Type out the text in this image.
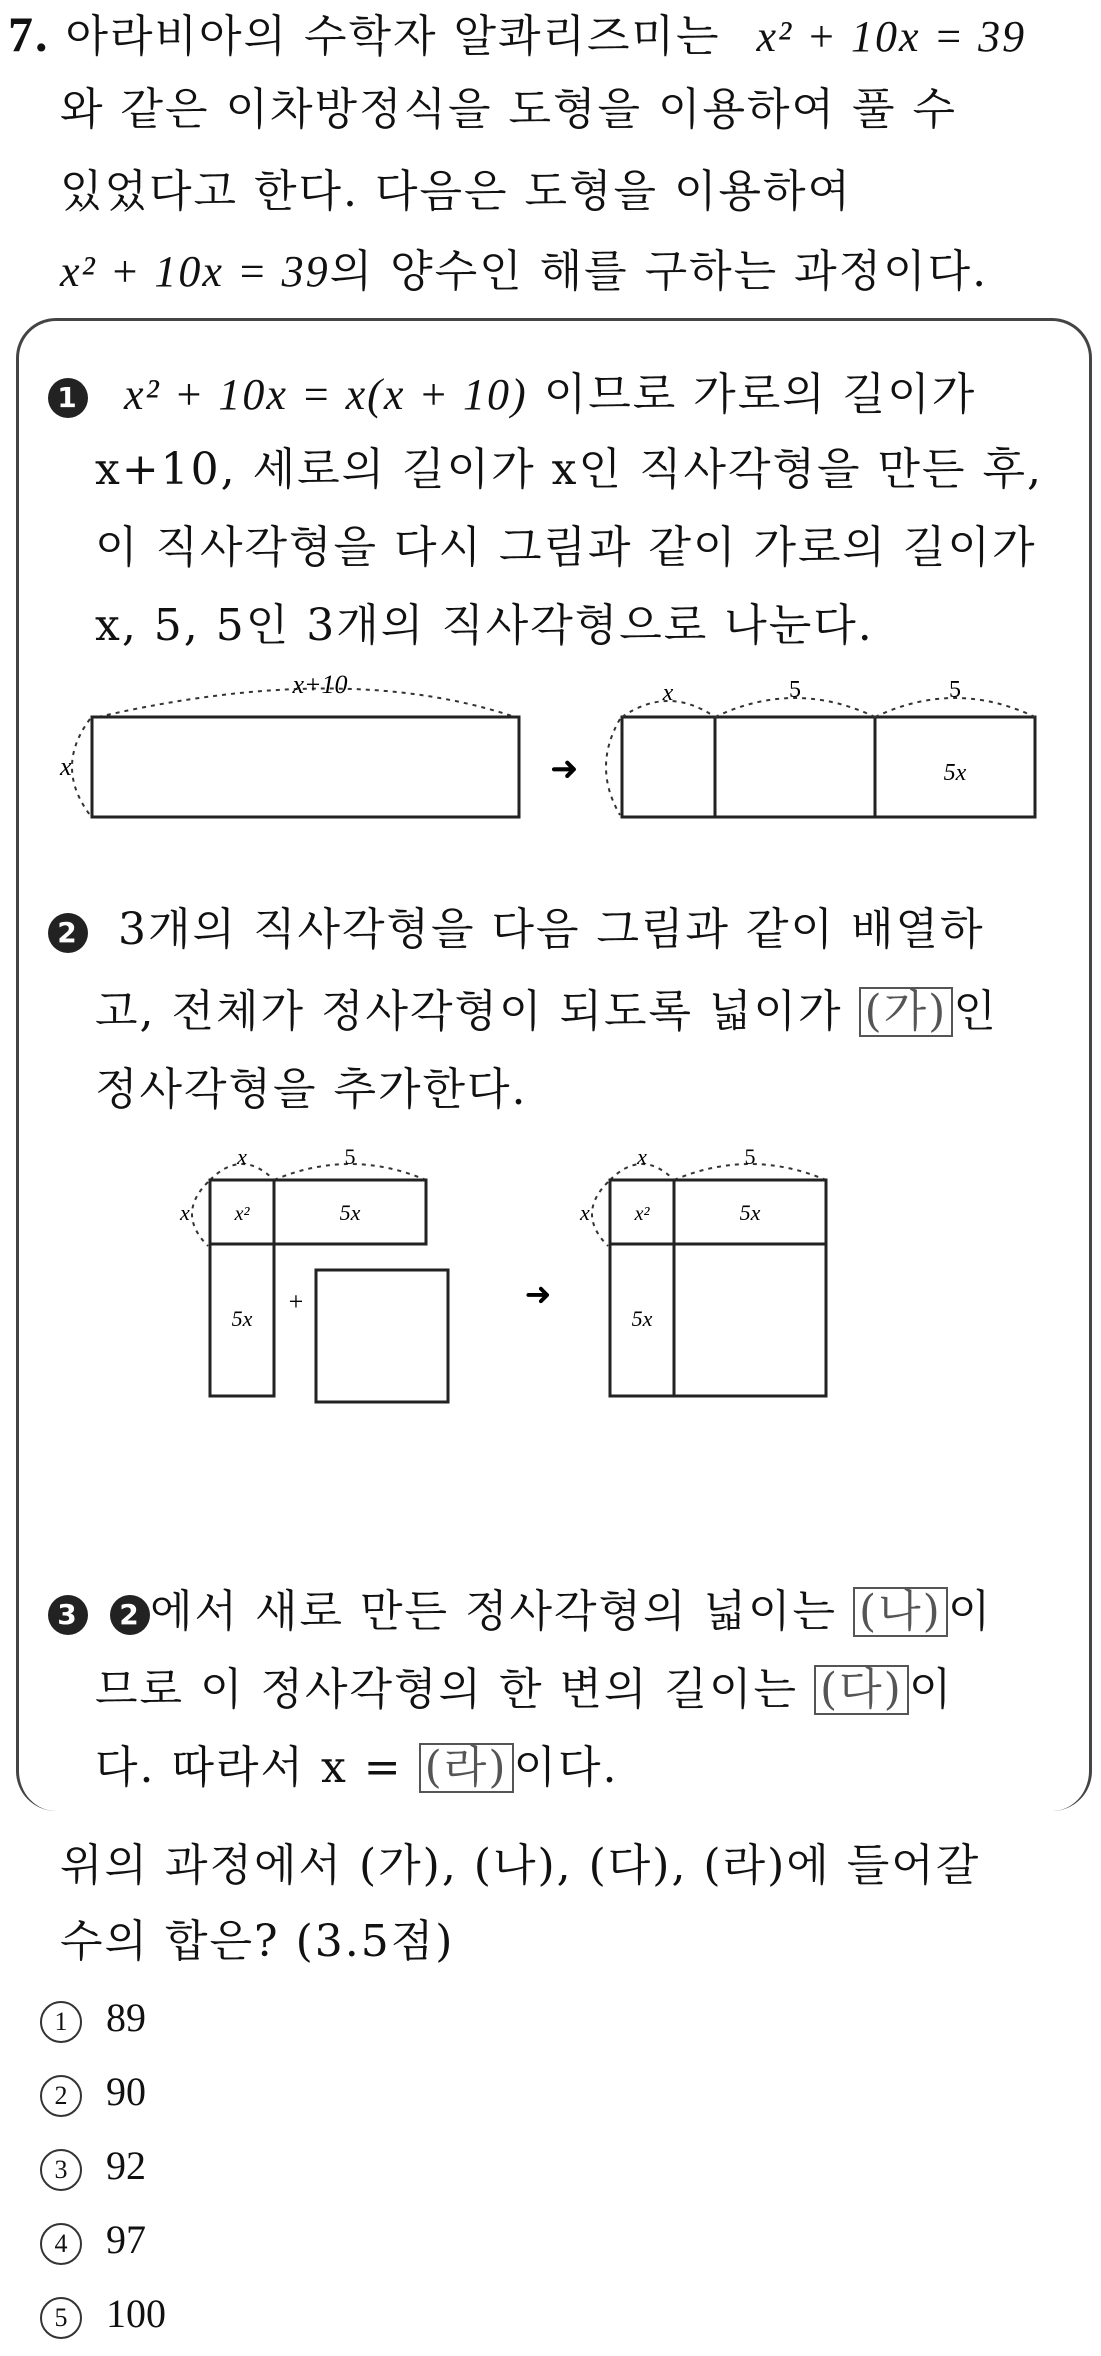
7. 아라비아의 수학자 알콰리즈미는 x² + 10x = 39
와 같은 이차방정식을 도형을 이용하여 풀 수
있었다고 한다. 다음은 도형을 이용하여
x² + 10x = 39의 양수인 해를 구하는 과정이다.
1 x² + 10x = x(x + 10) 이므로 가로의 길이가
x+10, 세로의 길이가 x인 직사각형을 만든 후,
이 직사각형을 다시 그림과 같이 가로의 길이가
x, 5, 5인 3개의 직사각형으로 나눈다.
x+10
x	➜
x	5	5
5x
2 3개의 직사각형을 다음 그림과 같이 배열하
고, 전체가 정사각형이 되도록 넓이가 (가) 인
정사각형을 추가한다.
x	5
x x²	5x
5x
+	➜
x	5
x x²	5x
5x
3 2 에서 새로 만든 정사각형의 넓이는 (나) 이
므로 이 정사각형의 한 변의 길이는 (다) 이
다. 따라서 x = (라) 이다.
위의 과정에서 (가), (나), (다), (라)에 들어갈
수의 합은? (3.5점)
1 89
2 90
3 92
4 97
5 100
